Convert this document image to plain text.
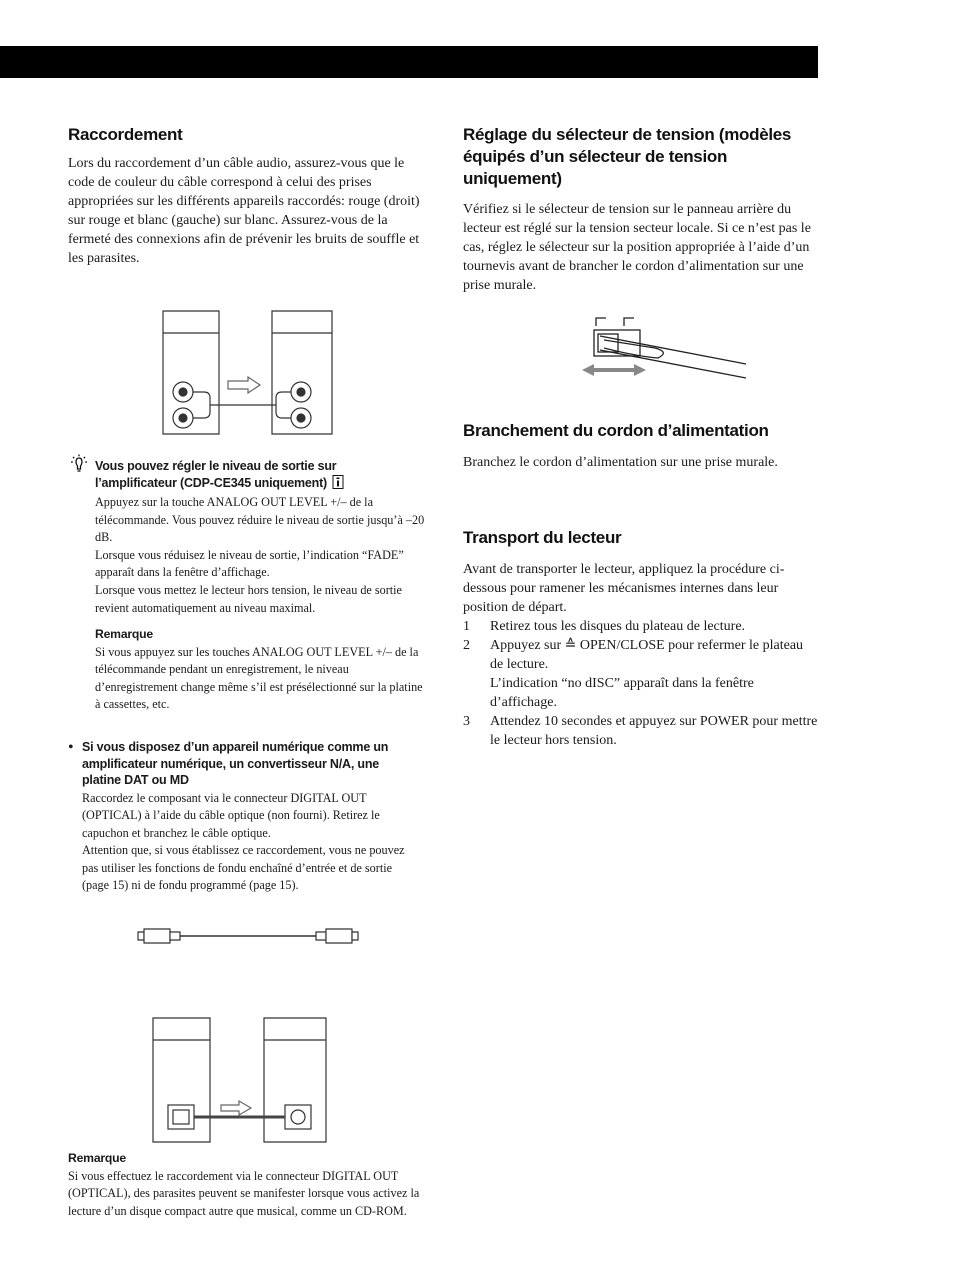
Raccordement

Lors du raccordement d’un câble audio, assurez-vous que le code de couleur du câble correspond à celui des prises appropriées sur les différents appareils raccordés: rouge (droit) sur rouge et blanc (gauche) sur blanc. Assurez-vous de la fermeté des connexions afin de prévenir les bruits de souffle et les parasites.

Vous pouvez régler le niveau de sortie sur

l’amplificateur (CDP-CE345 uniquement)

Appuyez sur la touche ANALOG OUT LEVEL +/– de la télécommande. Vous pouvez réduire le niveau de sortie jusqu’à –20 dB.

Lorsque vous réduisez le niveau de sortie, l’indication “FADE” apparaît dans la fenêtre d’affichage.

Lorsque vous mettez le lecteur hors tension, le niveau de sortie revient automatiquement au niveau maximal.

Remarque

Si vous appuyez sur les touches ANALOG OUT LEVEL +/– de la télécommande pendant un enregistrement, le niveau d’enregistrement change même s’il est présélectionné sur la platine à cassettes, etc.

• Si vous disposez d’un appareil numérique comme un amplificateur numérique, un convertisseur N/A, une platine DAT ou MD

Raccordez le composant via le connecteur DIGITAL OUT (OPTICAL) à l’aide du câble optique (non fourni). Retirez le capuchon et branchez le câble optique.

Attention que, si vous établissez ce raccordement, vous ne pouvez pas utiliser les fonctions de fondu enchaîné d’entrée et de sortie (page 15) ni de fondu programmé (page 15).

Remarque

Si vous effectuez le raccordement via le connecteur DIGITAL OUT (OPTICAL), des parasites peuvent se manifester lorsque vous activez la lecture d’un disque compact autre que musical, comme un CD-ROM.

Réglage du sélecteur de tension (modèles équipés d’un sélecteur de tension uniquement)

Vérifiez si le sélecteur de tension sur le panneau arrière du lecteur est réglé sur la tension secteur locale. Si ce n’est pas le cas, réglez le sélecteur sur la position appropriée à l’aide d’un tournevis avant de brancher le cordon d’alimentation sur une prise murale.

Branchement du cordon d’alimentation

Branchez le cordon d’alimentation sur une prise murale.

Transport du lecteur

Avant de transporter le lecteur, appliquez la procédure ci-dessous pour ramener les mécanismes internes dans leur position de départ.

1 Retirez tous les disques du plateau de lecture.
2 Appuyez sur ≙ OPEN/CLOSE pour refermer le plateau de lecture.
L’indication “no dISC” apparaît dans la fenêtre d’affichage.
3 Attendez 10 secondes et appuyez sur POWER pour mettre le lecteur hors tension.
